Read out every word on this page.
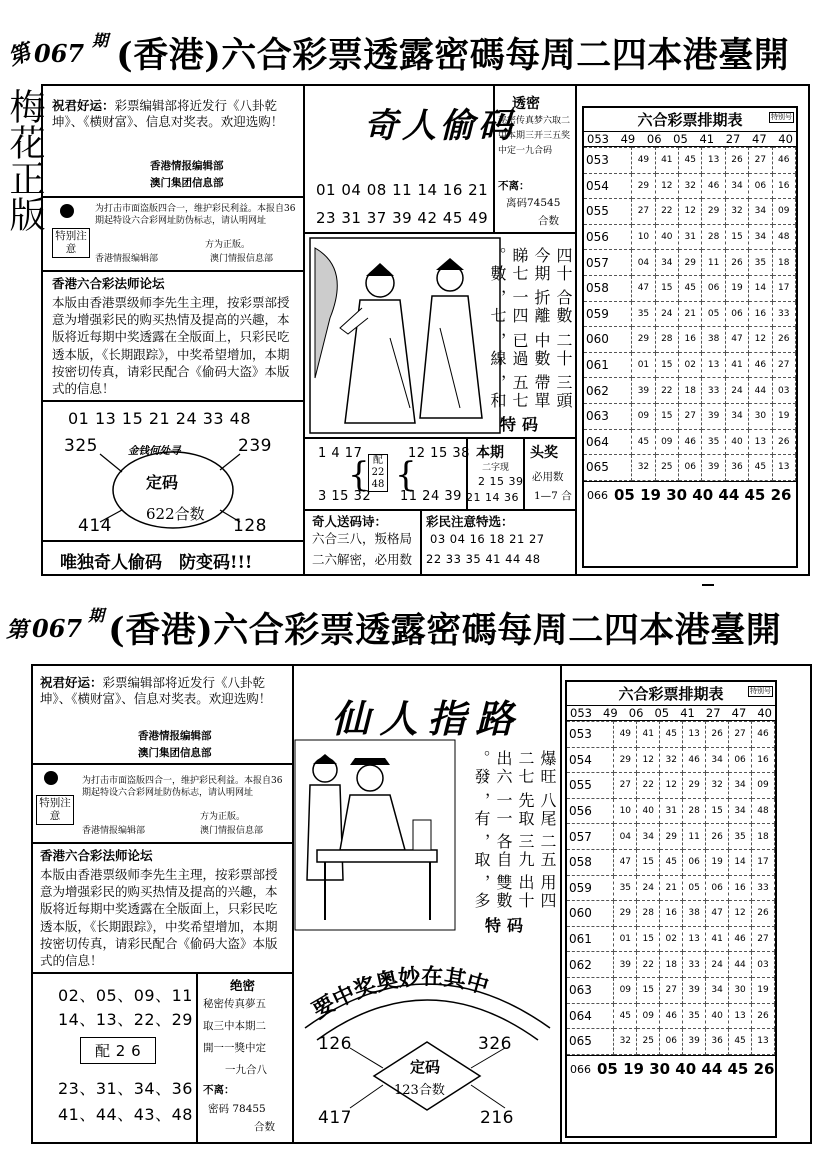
第 067 期 (香港)六合彩票透露密碼每周二四本港臺開
梅花正版 祝君好运：彩票编辑部将近发行《八卦乾坤》、《横财富》、信息对奖表。欢迎选购！
香港情报编辑部
澳门集团信息部
特别注意
为打击市面盗版四合一，维护彩民利益。本报自36期起特设六合彩网址防伪标志，请认明网址
方为正版。
香港情报编辑部	澳门情报信息部
香港六合彩法师论坛
本版由香港票级师李先生主理，按彩票部授意为增强彩民的购买热情及提高的兴趣，本版将近每期中奖透露在全版面上，只彩民吃透本版，《长期跟踪》，中奖希望增加，本期按密切传真，请彩民配合《偷码大盗》本版式的信息！
01 13 15 21 24 33 48
325	239
414	128
金钱何处寻
定码
622合数
唯独奇人偷码　防变码!!!
奇人偷码
01 04 08 11 14 16 21
23 31 37 39 42 45 49
透密
秘密传真梦六取二中本期三开三五奖中定一九合码
不离：
离码74545
合数
三頭帶單五七和，
二十中數已過線，
合數折離一四七，
四十今期睇七數。
特码
1 4 17
3 15 32
配
22
48
{ {
12 15 38
11 24 39
本期
二字现
2 15 39
21 14 36
头奖
必用数
1—7 合
奇人送码诗：
六合三八，叛格局
二六解密，必用数
彩民注意特选：
03 04 16 18 21 27
22 33 35 41 44 48
六合彩票排期表	特别号
053 49 06 05 41 27 47 40
053	49	41	45	13	26	27	46
054	29	12	32	46	34	06	16
055	27	22	12	29	32	34	09
056	10	40	31	28	15	34	48
057	04	34	29	11	26	35	18
058	47	15	45	06	19	14	17
059	35	24	21	05	06	16	33
060	29	28	16	38	47	12	26
061	01	15	02	13	41	46	27
062	39	22	18	33	24	44	03
063	09	15	27	39	34	30	19
064	45	09	46	35	40	13	26
065	32	25	06	39	36	45	13
066 05 19 30 40 44 45 26
第 067 期 (香港)六合彩票透露密碼每周二四本港臺開
祝君好运：彩票编辑部将近发行《八卦乾坤》、《横财富》、信息对奖表。欢迎选购！
香港情报编辑部
澳门集团信息部
特别注意
为打击市面盗版四合一，维护彩民利益。本报自36期起特设六合彩网址防伪标志，请认明网址
方为正版。
香港情报编辑部	澳门情报信息部
香港六合彩法师论坛
本版由香港票级师李先生主理，按彩票部授意为增强彩民的购买热情及提高的兴趣，本版将近每期中奖透露在全版面上，只彩民吃透本版，《长期跟踪》，中奖希望增加，本期按密切传真，请彩民配合《偷码大盗》本版式的信息！
02、05、09、11
14、13、22、29
配 2 6
23、31、34、36
41、44、43、48
绝密
秘密传真夢五
取三中本期二
開一一獎中定
一九合八
不离：
密码 78455
合数
仙人指路
用四出十雙數多，
二五三九各自取，
八尾先取一一有，
爆旺二七出六發。
特码
要中奖奥妙在其中
126	326
417	216
定码
123合数
六合彩票排期表	特别号
053 49 06 05 41 27 47 40
053	49	41	45	13	26	27	46
054	29	12	32	46	34	06	16
055	27	22	12	29	32	34	09
056	10	40	31	28	15	34	48
057	04	34	29	11	26	35	18
058	47	15	45	06	19	14	17
059	35	24	21	05	06	16	33
060	29	28	16	38	47	12	26
061	01	15	02	13	41	46	27
062	39	22	18	33	24	44	03
063	09	15	27	39	34	30	19
064	45	09	46	35	40	13	26
065	32	25	06	39	36	45	13
066 05 19 30 40 44 45 26
